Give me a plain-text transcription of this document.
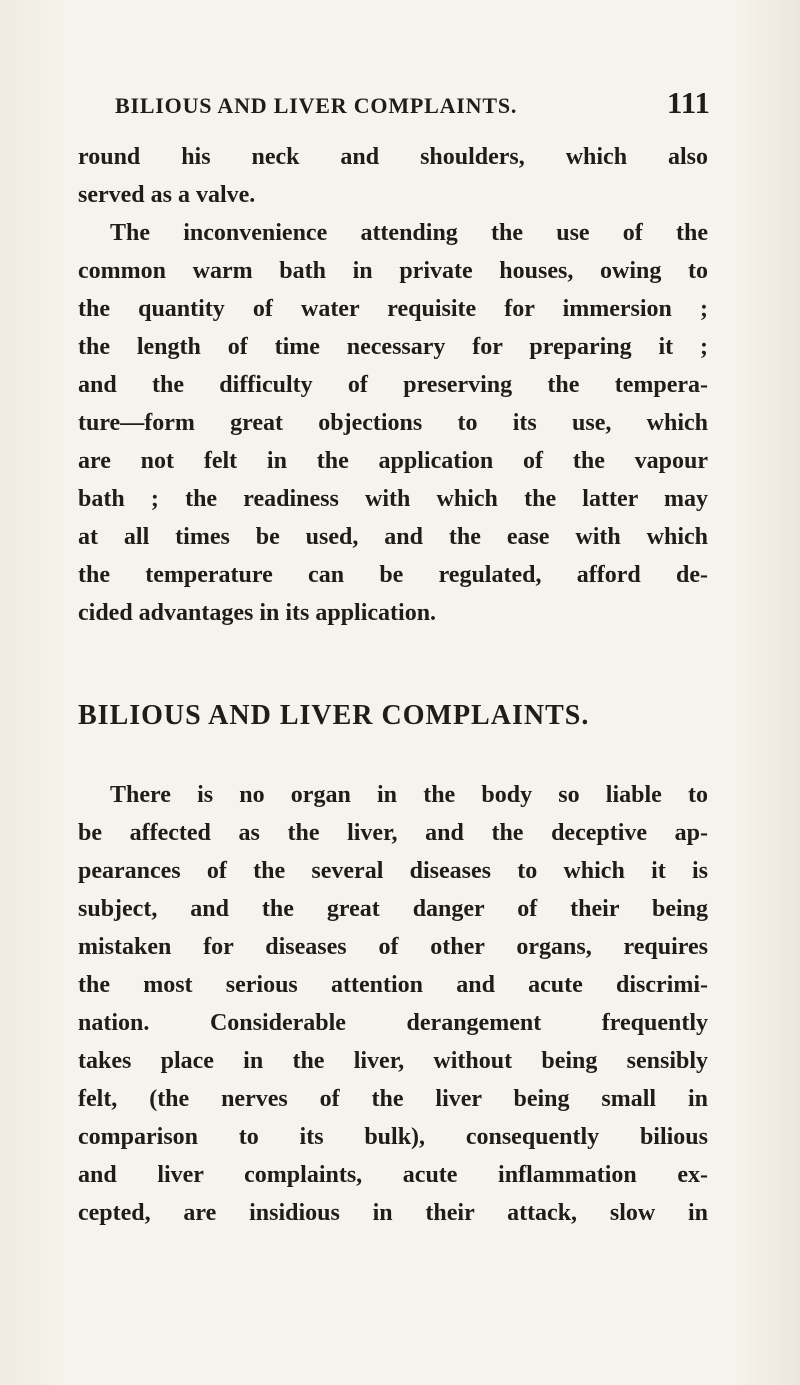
BILIOUS AND LIVER COMPLAINTS.	111
round his neck and shoulders, which also
served as a valve.
The inconvenience attending the use of the
common warm bath in private houses, owing to
the quantity of water requisite for immersion ;
the length of time necessary for preparing it ;
and the difficulty of preserving the tempera-
ture—form great objections to its use, which
are not felt in the application of the vapour
bath ; the readiness with which the latter may
at all times be used, and the ease with which
the temperature can be regulated, afford de-
cided advantages in its application.
BILIOUS AND LIVER COMPLAINTS.
There is no organ in the body so liable to
be affected as the liver, and the deceptive ap-
pearances of the several diseases to which it is
subject, and the great danger of their being
mistaken for diseases of other organs, requires
the most serious attention and acute discrimi-
nation. Considerable derangement frequently
takes place in the liver, without being sensibly
felt, (the nerves of the liver being small in
comparison to its bulk), consequently bilious
and liver complaints, acute inflammation ex-
cepted, are insidious in their attack, slow in
